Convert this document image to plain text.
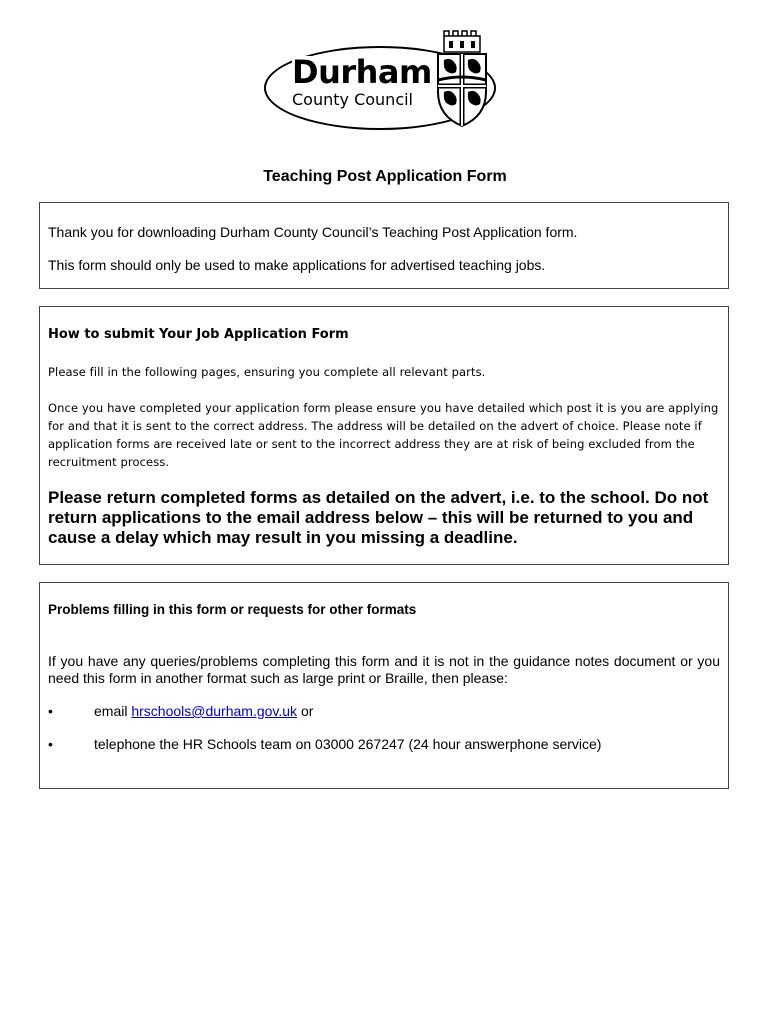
Durham
County Council
Teaching Post Application Form

Thank you for downloading Durham County Council’s Teaching Post Application form.

This form should only be used to make applications for advertised teaching jobs.

How to submit Your Job Application Form

Please fill in the following pages, ensuring you complete all relevant parts.

Once you have completed your application form please ensure you have detailed which post it is you are applying for and that it is sent to the correct address. The address will be detailed on the advert of choice. Please note if application forms are received late or sent to the incorrect address they are at risk of being excluded from the recruitment process.

Please return completed forms as detailed on the advert, i.e. to the school. Do not return applications to the email address below – this will be returned to you and cause a delay which may result in you missing a deadline.

Problems filling in this form or requests for other formats

If you have any queries/problems completing this form and it is not in the guidance notes document or you need this form in another format such as large print or Braille, then please:

•	email hrschools@durham.gov.uk or
•	telephone the HR Schools team on 03000 267247 (24 hour answerphone service)
